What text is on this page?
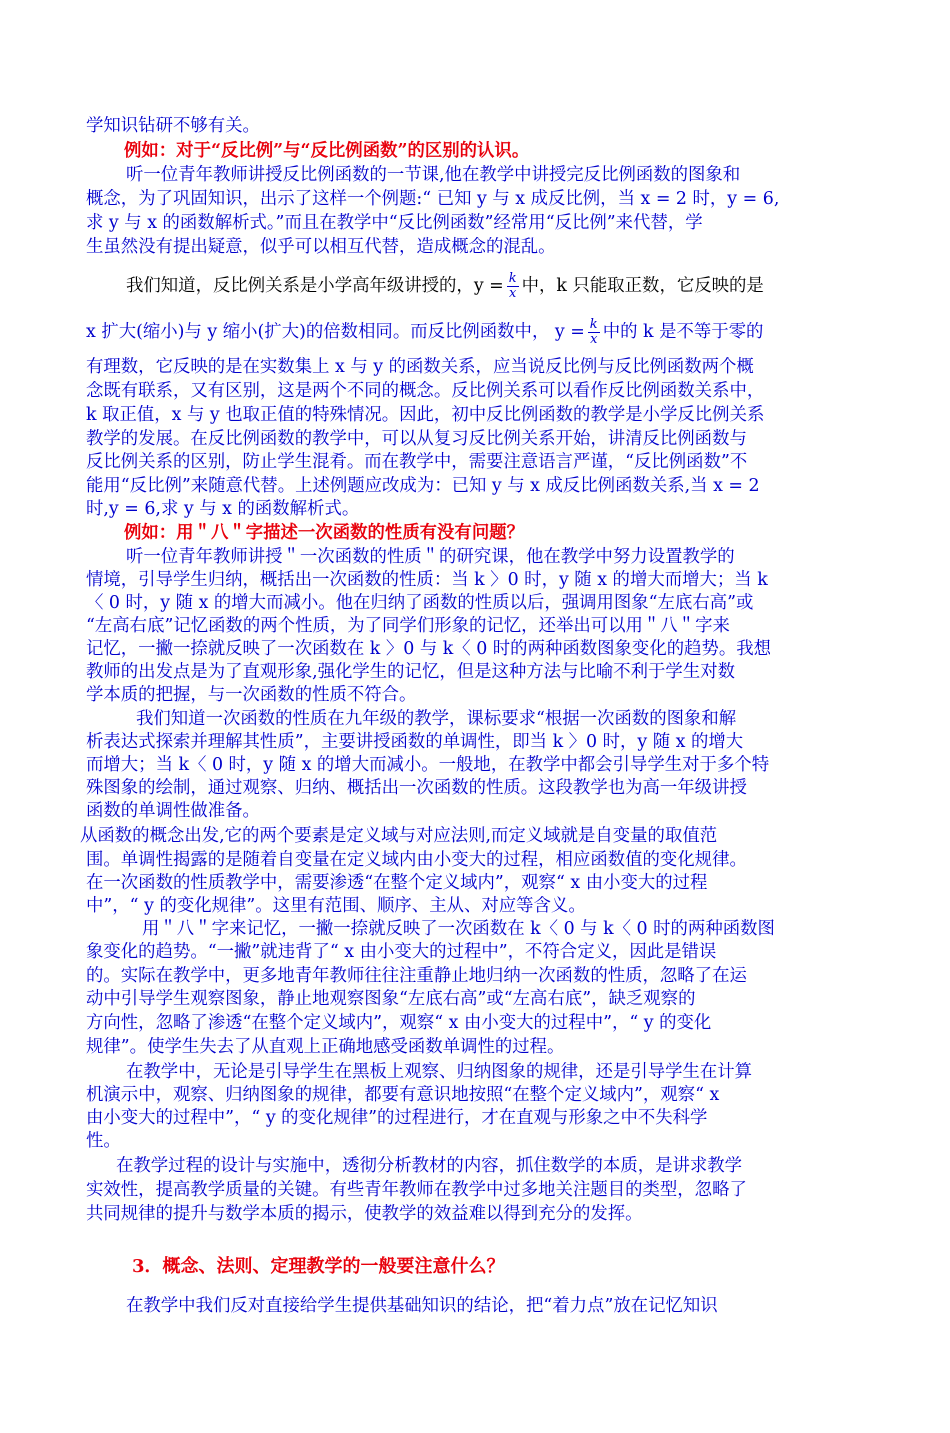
学知识钻研不够有关。
例如：对于“反比例”与“反比例函数”的区别的认识。
听一位青年教师讲授反比例函数的一节课,他在教学中讲授完反比例函数的图象和
概念，为了巩固知识，出示了这样一个例题:“ 已知 y 与 x 成反比例，当 x = 2 时，y = 6,
求 y 与 x 的函数解析式。”而且在教学中“反比例函数”经常用“反比例”来代替，学
生虽然没有提出疑意，似乎可以相互代替，造成概念的混乱。
我们知道，反比例关系是小学高年级讲授的，$y = \frac{k}{x}$ 中，k 只能取正数，它反映的是
x 扩大(缩小)与 y 缩小(扩大)的倍数相同。而反比例函数中， $y = \frac{k}{x}$ 中的 k 是不等于零的
有理数，它反映的是在实数集上 x 与 y 的函数关系，应当说反比例与反比例函数两个概
念既有联系，又有区别，这是两个不同的概念。反比例关系可以看作反比例函数关系中，
k 取正值，x 与 y 也取正值的特殊情况。因此，初中反比例函数的教学是小学反比例关系
教学的发展。在反比例函数的教学中，可以从复习反比例关系开始，讲清反比例函数与
反比例关系的区别，防止学生混肴。而在教学中，需要注意语言严谨，“反比例函数”不
能用“反比例”来随意代替。上述例题应改成为：已知 y 与 x 成反比例函数关系,当 x = 2
时,y = 6,求 y 与 x 的函数解析式。
例如：用＂八＂字描述一次函数的性质有没有问题？
听一位青年教师讲授＂一次函数的性质＂的研究课，他在教学中努力设置教学的
情境，引导学生归纳，概括出一次函数的性质：当 k 〉0 时，y 随 x 的增大而增大；当 k
〈 0 时，y 随 x 的增大而减小。他在归纳了函数的性质以后，强调用图象“左底右高”或
“左高右底”记忆函数的两个性质，为了同学们形象的记忆，还举出可以用＂八＂字来
记忆，一撇一捺就反映了一次函数在 k 〉0 与 k〈 0 时的两种函数图象变化的趋势。我想
教师的出发点是为了直观形象,强化学生的记忆，但是这种方法与比喻不利于学生对数
学本质的把握，与一次函数的性质不符合。
我们知道一次函数的性质在九年级的教学，课标要求“根据一次函数的图象和解
析表达式探索并理解其性质”，主要讲授函数的单调性，即当 k 〉0 时，y 随 x 的增大
而增大；当 k〈 0 时，y 随 x 的增大而减小。一般地，在教学中都会引导学生对于多个特
殊图象的绘制，通过观察、归纳、概括出一次函数的性质。这段教学也为高一年级讲授
函数的单调性做准备。
从函数的概念出发,它的两个要素是定义域与对应法则,而定义域就是自变量的取值范
围。单调性揭露的是随着自变量在定义域内由小变大的过程，相应函数值的变化规律。
在一次函数的性质教学中，需要渗透“在整个定义域内”，观察“ x 由小变大的过程
中”，“ y 的变化规律”。这里有范围、顺序、主从、对应等含义。
用＂八＂字来记忆，一撇一捺就反映了一次函数在 k〈 0 与 k〈 0 时的两种函数图
象变化的趋势。“一撇”就违背了“ x 由小变大的过程中”，不符合定义，因此是错误
的。实际在教学中，更多地青年教师往往注重静止地归纳一次函数的性质，忽略了在运
动中引导学生观察图象，静止地观察图象“左底右高”或“左高右底”，缺乏观察的
方向性，忽略了渗透“在整个定义域内”，观察“ x 由小变大的过程中”，“ y 的变化
规律”。使学生失去了从直观上正确地感受函数单调性的过程。
在教学中，无论是引导学生在黑板上观察、归纳图象的规律，还是引导学生在计算
机演示中，观察、归纳图象的规律，都要有意识地按照“在整个定义域内”，观察“ x
由小变大的过程中”，“ y 的变化规律”的过程进行，才在直观与形象之中不失科学
性。
在教学过程的设计与实施中，透彻分析教材的内容，抓住数学的本质，是讲求教学
实效性，提高教学质量的关键。有些青年教师在教学中过多地关注题目的类型，忽略了
共同规律的提升与数学本质的揭示，使教学的效益难以得到充分的发挥。
3．概念、法则、定理教学的一般要注意什么？
在教学中我们反对直接给学生提供基础知识的结论，把“着力点”放在记忆知识
